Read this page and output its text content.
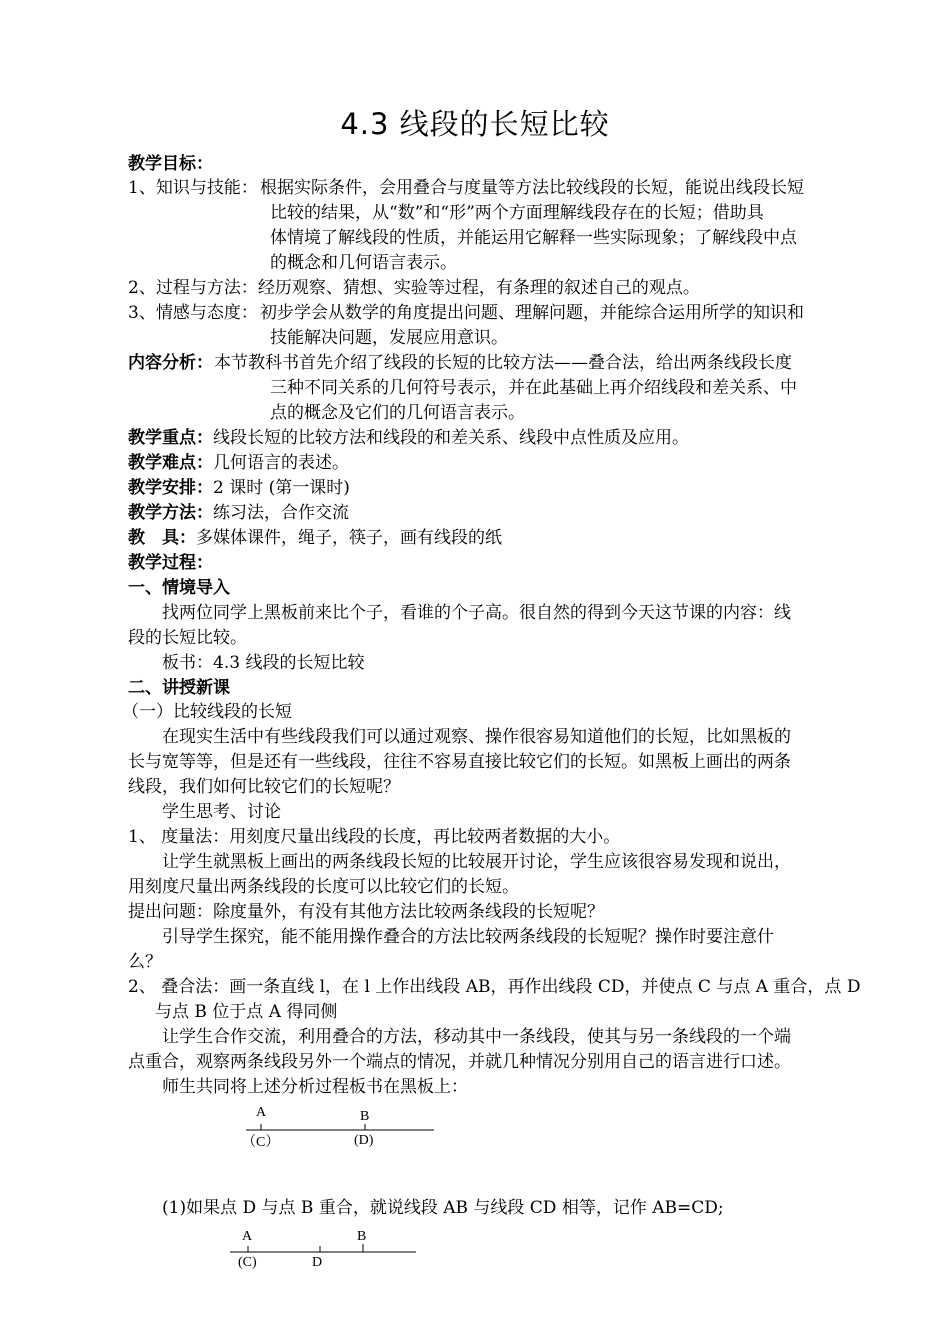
4.3 线段的长短比较
教学目标：
1、知识与技能： 根据实际条件，会用叠合与度量等方法比较线段的长短，能说出线段长短
比较的结果，从“数”和“形”两个方面理解线段存在的长短；借助具
体情境了解线段的性质，并能运用它解释一些实际现象；了解线段中点
的概念和几何语言表示。
2、过程与方法：经历观察、猜想、实验等过程，有条理的叙述自己的观点。
3、情感与态度： 初步学会从数学的角度提出问题、理解问题，并能综合运用所学的知识和
技能解决问题，发展应用意识。
内容分析： 本节教科书首先介绍了线段的长短的比较方法——叠合法，给出两条线段长度
三种不同关系的几何符号表示，并在此基础上再介绍线段和差关系、中
点的概念及它们的几何语言表示。
教学重点：线段长短的比较方法和线段的和差关系、线段中点性质及应用。
教学难点：几何语言的表述。
教学安排：2 课时 (第一课时)
教学方法：练习法，合作交流
教　具：多媒体课件，绳子，筷子，画有线段的纸
教学过程：
一、情境导入
找两位同学上黑板前来比个子，看谁的个子高。很自然的得到今天这节课的内容：线
段的长短比较。
板书：4.3 线段的长短比较
二、讲授新课
（一）比较线段的长短
在现实生活中有些线段我们可以通过观察、操作很容易知道他们的长短，比如黑板的
长与宽等等，但是还有一些线段，往往不容易直接比较它们的长短。如黑板上画出的两条
线段，我们如何比较它们的长短呢？
学生思考、讨论
1、 度量法：用刻度尺量出线段的长度，再比较两者数据的大小。
让学生就黑板上画出的两条线段长短的比较展开讨论，学生应该很容易发现和说出，
用刻度尺量出两条线段的长度可以比较它们的长短。
提出问题：除度量外，有没有其他方法比较两条线段的长短呢？
引导学生探究，能不能用操作叠合的方法比较两条线段的长短呢？操作时要注意什
么？
2、 叠合法：画一条直线 l，在 l 上作出线段 AB，再作出线段 CD，并使点 C 与点 A 重合，点 D
与点 B 位于点 A 得同侧
让学生合作交流，利用叠合的方法，移动其中一条线段，使其与另一条线段的一个端
点重合，观察两条线段另外一个端点的情况，并就几种情况分别用自己的语言进行口述。
师生共同将上述分析过程板书在黑板上：
A	B
（C）	(D)
(1)如果点 D 与点 B 重合，就说线段 AB 与线段 CD 相等，记作 AB=CD;
A	B
(C)	D
